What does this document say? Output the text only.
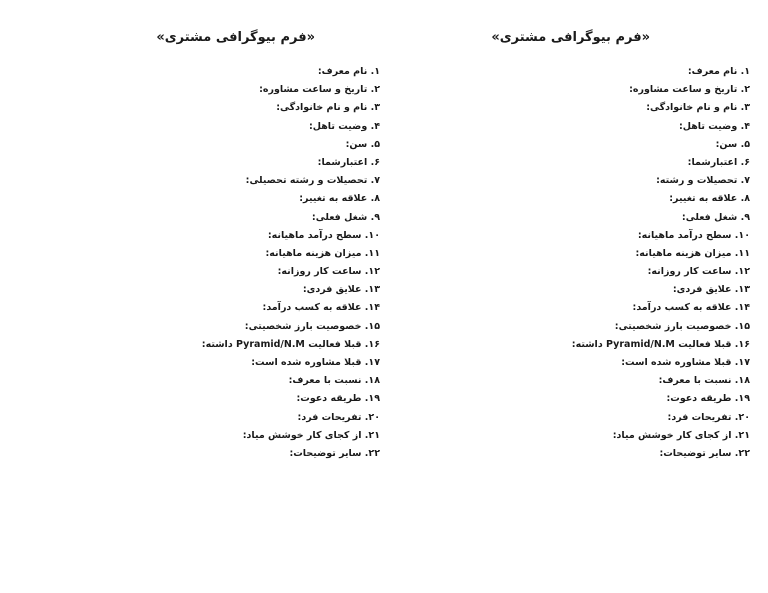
«فرم بیوگرافی مشتری»
۱. نام معرف:
۲. تاریخ و ساعت مشاوره:
۳. نام و نام خانوادگی:
۴. وضیت تاهل:
۵. سن:
۶. اعتبارشما:
۷. تحصیلات و رشته تحصیلی:
۸. علاقه به تغییر:
۹. شغل فعلی:
۱۰. سطح درآمد ماهیانه:
۱۱. میزان هزینه ماهیانه:
۱۲. ساعت کار روزانه:
۱۳. علایق فردی:
۱۴. علاقه به کسب درآمد:
۱۵. خصوصیت بارز شخصیتی:
۱۶. قبلا فعالیت Pyramid/N.M داشته:
۱۷. قبلا مشاوره شده است:
۱۸. نسبت با معرف:
۱۹. طریقه دعوت:
۲۰. تفریحات فرد:
۲۱. از کجای کار خوشش میاد:
۲۲. سایر توضیحات:
«فرم بیوگرافی مشتری»
۱. نام معرف:
۲. تاریخ و ساعت مشاوره:
۳. نام و نام خانوادگی:
۴. وضیت تاهل:
۵. سن:
۶. اعتبارشما:
۷. تحصیلات و رشته:
۸. علاقه به تغییر:
۹. شغل فعلی:
۱۰. سطح درآمد ماهیانه:
۱۱. میزان هزینه ماهیانه:
۱۲. ساعت کار روزانه:
۱۳. علایق فردی:
۱۴. علاقه به کسب درآمد:
۱۵. خصوصیت بارز شخصیتی:
۱۶. قبلا فعالیت Pyramid/N.M داشته:
۱۷. قبلا مشاوره شده است:
۱۸. نسبت با معرف:
۱۹. طریقه دعوت:
۲۰. تفریحات فرد:
۲۱. از کجای کار خوشش میاد:
۲۲. سایر توضیحات:
